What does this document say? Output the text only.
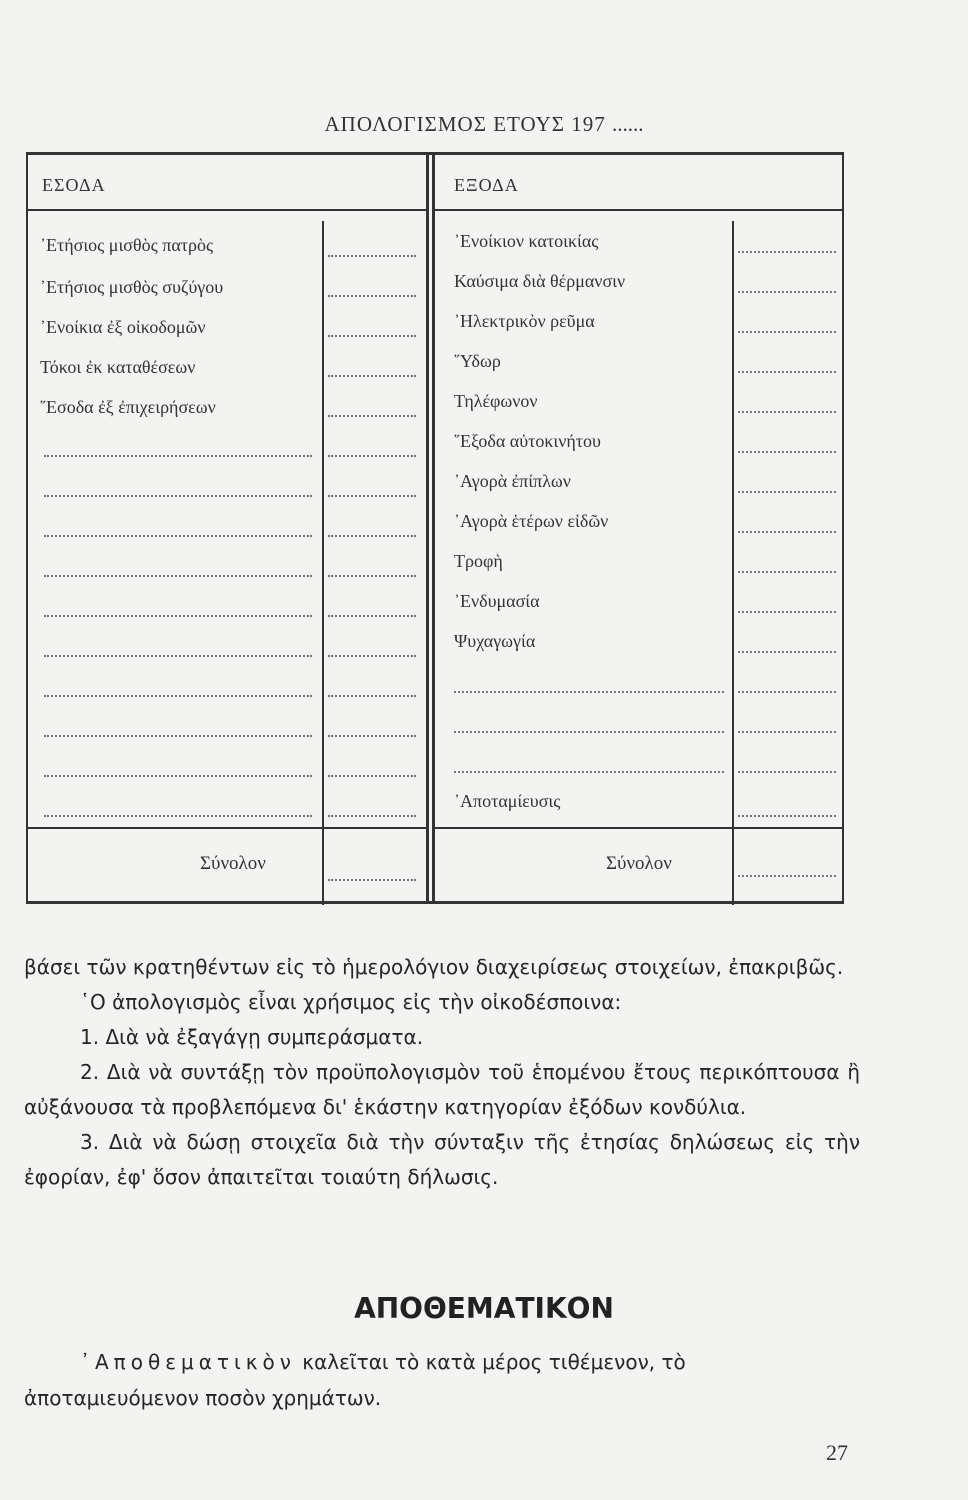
ΑΠΟΛΟΓΙΣΜΟΣ ΕΤΟΥΣ 197 ......
ΕΣΟΔΑ	ΕΞΟΔΑ
᾿Ετήσιος μισθὸς πατρὸς
᾿Ετήσιος μισθὸς συζύγου
᾿Ενοίκια ἐξ οἰκοδομῶν
Τόκοι ἐκ καταθέσεων
῞Εσοδα ἐξ ἐπιχειρήσεων
Σύνολον
᾿Ενοίκιον κατοικίας
Καύσιμα διὰ θέρμανσιν
᾿Ηλεκτρικὸν ρεῦμα
῞Υδωρ
Τηλέφωνον
῞Εξοδα αὐτοκινήτου
᾿Αγορὰ ἐπίπλων
᾿Αγορὰ ἑτέρων εἰδῶν
Τροφὴ
᾿Ενδυμασία
Ψυχαγωγία
᾿Αποταμίευσις
Σύνολον

βάσει τῶν κρατηθέντων εἰς τὸ ἡμερολόγιον διαχειρίσεως στοιχείων, ἐπακριβῶς.

῾Ο ἀπολογισμὸς εἶναι χρήσιμος εἰς τὴν οἰκοδέσποινα:

1. Διὰ νὰ ἐξαγάγῃ συμπεράσματα.

2. Διὰ νὰ συντάξῃ τὸν προϋπολογισμὸν τοῦ ἑπομένου ἔτους περικόπτουσα ἢ αὐξάνουσα τὰ προβλεπόμενα δι' ἑκάστην κατηγορίαν ἐξόδων κονδύλια.

3. Διὰ νὰ δώσῃ στοιχεῖα διὰ τὴν σύνταξιν τῆς ἐτησίας δηλώσεως εἰς τὴν ἐφορίαν, ἐφ' ὅσον ἀπαιτεῖται τοιαύτη δήλωσις.

ΑΠΟΘΕΜΑΤΙΚΟΝ

᾿Αποθεματικὸν καλεῖται τὸ κατὰ μέρος τιθέμενον, τὸ ἀποταμιευόμενον ποσὸν χρημάτων.

27
